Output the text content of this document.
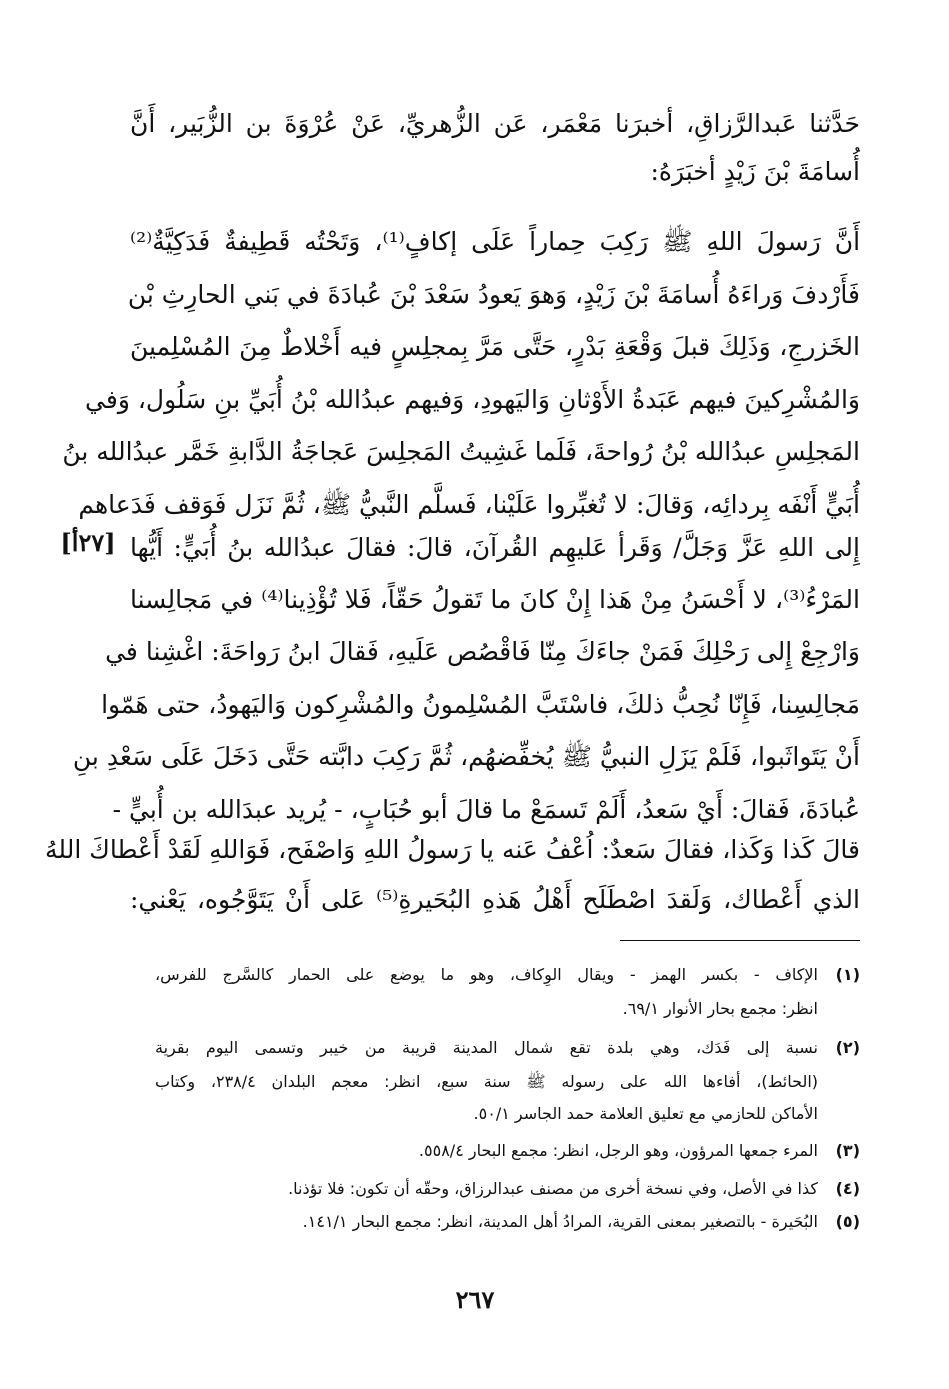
حَدَّثنا عَبدالرَّزاقِ، أخبرَنا مَعْمَر، عَن الزُّهريِّ، عَنْ عُرْوَةَ بن الزُّبَير، أَنَّ
أُسامَةَ بْنَ زَيْدٍ أخبَرَهُ:
أَنَّ رَسولَ اللهِ ﷺ رَكِبَ حِماراً عَلَى إكافٍ⁽¹⁾، وَتَحْتُه قَطِيفةٌ فَدَكِيَّةٌ⁽²⁾
فَأَرْدفَ وَراءَهُ أُسامَةَ بْنَ زَيْدٍ، وَهوَ يَعودُ سَعْدَ بْنَ عُبادَةَ في بَني الحارِثِ بْن
الخَزرجِ، وَذَلِكَ قبلَ وَقْعَةِ بَدْرٍ، حَتَّى مَرَّ بِمجلِسٍ فيه أَخْلاطٌ مِنَ المُسْلِمينَ
وَالمُشْرِكينَ فيهم عَبَدةُ الأَوْثانِ وَاليَهودِ، وَفيهم عبدُالله بْنُ أُبَيِّ بنِ سَلُول، وَفي
المَجلِسِ عبدُالله بْنُ رُواحةَ، فَلَما غَشِيتُ المَجلِسَ عَجاجَةُ الدَّابةِ خَمَّر عبدُالله بنُ
أُبَيٍّ أَنْفَه بِردائِه، وَقالَ: لا تُغبِّروا عَلَيْنا، فَسلَّم النَّبيُّ ﷺ، ثُمَّ نَزَل فَوَقف فَدَعاهم
إِلى اللهِ عَزَّ وَجَلَّ/ وَقَرأ عَليهِم القُرآنَ، قالَ: فقالَ عبدُالله بنُ أُبَيٍّ: أَيُّها
[٢٧أ]
المَرْءُ⁽³⁾، لا أَحْسَنُ مِنْ هَذا إِنْ كانَ ما تَقولُ حَقّاً، فَلا تُؤْذِينا⁽⁴⁾ في مَجالِسنا
وَارْجِعْ إِلى رَحْلِكَ فَمَنْ جاءَكَ مِنّا فَاقْصُص عَلَيهِ، فَقالَ ابنُ رَواحَةَ: اغْشِنا في
مَجالِسِنا، فَإِنّا نُحِبُّ ذلكَ، فاسْتَبَّ المُسْلِمونُ والمُشْرِكون وَاليَهودُ، حتى هَمّوا
أَنْ يَتَواثَبوا، فَلَمْ يَزَلِ النبيُّ ﷺ يُخفِّضهُم، ثُمَّ رَكِبَ دابَّته حَتَّى دَخَلَ عَلَى سَعْدِ بنِ
عُبادَةَ، فَقالَ: أَيْ سَعدُ، أَلَمْ تَسمَعْ ما قالَ أبو حُبَابٍ، - يُريد عبدَالله بن أُبيٍّ -
قالَ كَذا وَكَذا، فقالَ سَعدٌ: اُعْفُ عَنه يا رَسولُ اللهِ وَاصْفَح، فَوَاللهِ لَقَدْ أَعْطاكَ اللهُ
الذي أَعْطاك، وَلَقدَ اصْطَلَح أَهْلُ هَذهِ البُحَيرةِ⁽⁵⁾ عَلى أَنْ يَتَوَّجُوه، يَعْني:
(١)
الإكاف - بكسر الهمز - ويقال الوِكاف، وهو ما يوضع على الحمار كالسَّرج للفرس،
انظر: مجمع بحار الأنوار ٦٩/١.
(٢)
نسبة إلى فَدَك، وهي بلدة تقع شمال المدينة قريبة من خيبر وتسمى اليوم بقرية
(الحائط)، أفاءها الله على رسوله ﷺ سنة سبع، انظر: معجم البلدان ٢٣٨/٤، وكتاب
الأماكن للحازمي مع تعليق العلامة حمد الجاسر ٥٠/١.
(٣)
المرء جمعها المرؤون، وهو الرجل، انظر: مجمع البحار ٥٥٨/٤.
(٤)
كذا في الأصل، وفي نسخة أخرى من مصنف عبدالرزاق، وحقّه أن تكون: فلا تؤذنا.
(٥)
البُحَيرة - بالتصغير بمعنى القرية، المرادُ أهل المدينة، انظر: مجمع البحار ١٤١/١.
٢٦٧
